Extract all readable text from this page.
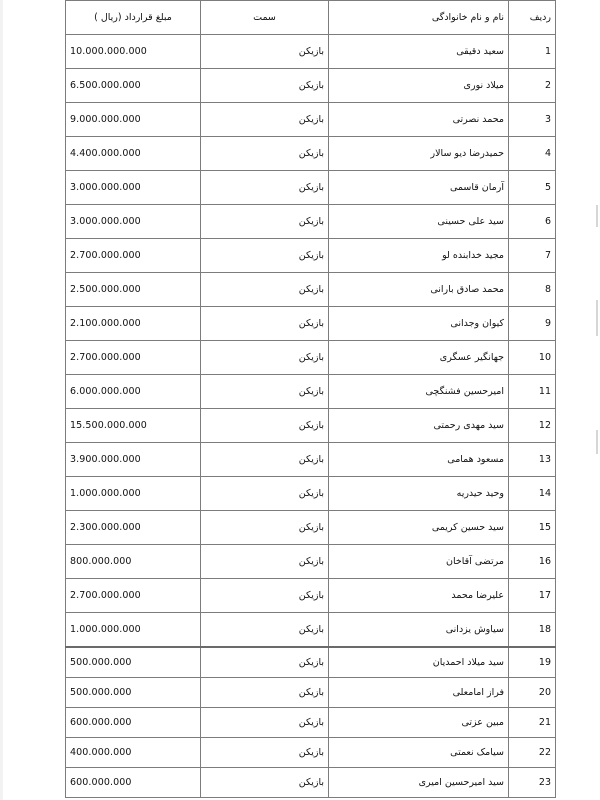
ردیف	نام و نام خانوادگی	سمت	مبلغ قرارداد (ریال )
1	سعید دقیقی	بازیکن	10.000.000.000
2	میلاد نوری	بازیکن	6.500.000.000
3	محمد نصرتی	بازیکن	9.000.000.000
4	حمیدرضا دیو سالار	بازیکن	4.400.000.000
5	آرمان قاسمی	بازیکن	3.000.000.000
6	سید علی حسینی	بازیکن	3.000.000.000
7	مجید خدابنده لو	بازیکن	2.700.000.000
8	محمد صادق بارانی	بازیکن	2.500.000.000
9	کیوان وجدانی	بازیکن	2.100.000.000
10	جهانگیر عسگری	بازیکن	2.700.000.000
11	امیرحسین فشنگچی	بازیکن	6.000.000.000
12	سید مهدی رحمتی	بازیکن	15.500.000.000
13	مسعود همامی	بازیکن	3.900.000.000
14	وحید حیدریه	بازیکن	1.000.000.000
15	سید حسین کریمی	بازیکن	2.300.000.000
16	مرتضی آقاخان	بازیکن	800.000.000
17	علیرضا محمد	بازیکن	2.700.000.000
18	سیاوش یزدانی	بازیکن	1.000.000.000
19	سید میلاد احمدیان	بازیکن	500.000.000
20	فراز امامعلی	بازیکن	500.000.000
21	مبین عزتی	بازیکن	600.000.000
22	سیامک نعمتی	بازیکن	400.000.000
23	سید امیرحسین امیری	بازیکن	600.000.000
